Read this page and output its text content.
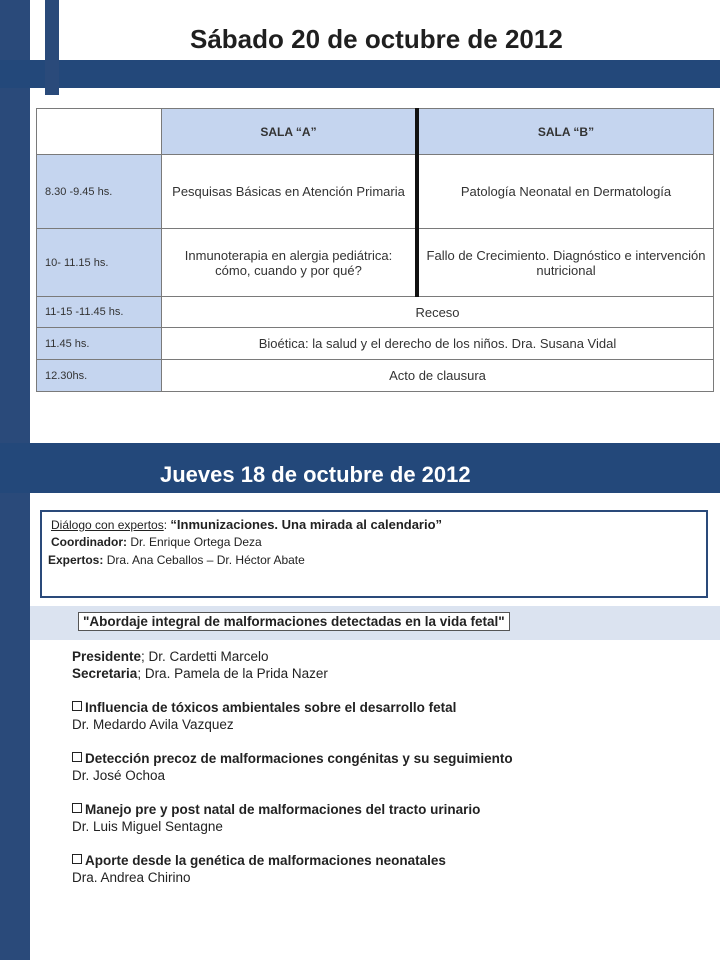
Sábado 20 de octubre de 2012
	SALA “A”	SALA “B”
8.30 -9.45 hs.	Pesquisas Básicas en Atención Primaria	Patología Neonatal en Dermatología
10- 11.15 hs.	Inmunoterapia en alergia pediátrica: cómo, cuando y por qué?	Fallo de Crecimiento. Diagnóstico e intervención nutricional
11-15 -11.45 hs.	Receso	
11.45 hs.	Bioética: la salud y el derecho de los niños. Dra. Susana Vidal	
12.30hs.	Acto de clausura	
Jueves 18 de octubre de 2012
Diálogo con expertos: “Inmunizaciones. Una mirada al calendario”
Coordinador: Dr. Enrique Ortega Deza
Expertos: Dra. Ana Ceballos – Dr. Héctor Abate
"Abordaje integral de malformaciones detectadas en la vida fetal"
Presidente; Dr. Cardetti Marcelo
Secretaria; Dra. Pamela de la Prida Nazer
Influencia de tóxicos ambientales sobre el desarrollo fetal
Dr. Medardo Avila Vazquez
Detección precoz de malformaciones congénitas y su seguimiento
Dr. José Ochoa
Manejo pre y post natal de malformaciones del tracto urinario
Dr. Luis Miguel Sentagne
Aporte desde la genética de malformaciones neonatales
Dra. Andrea Chirino
